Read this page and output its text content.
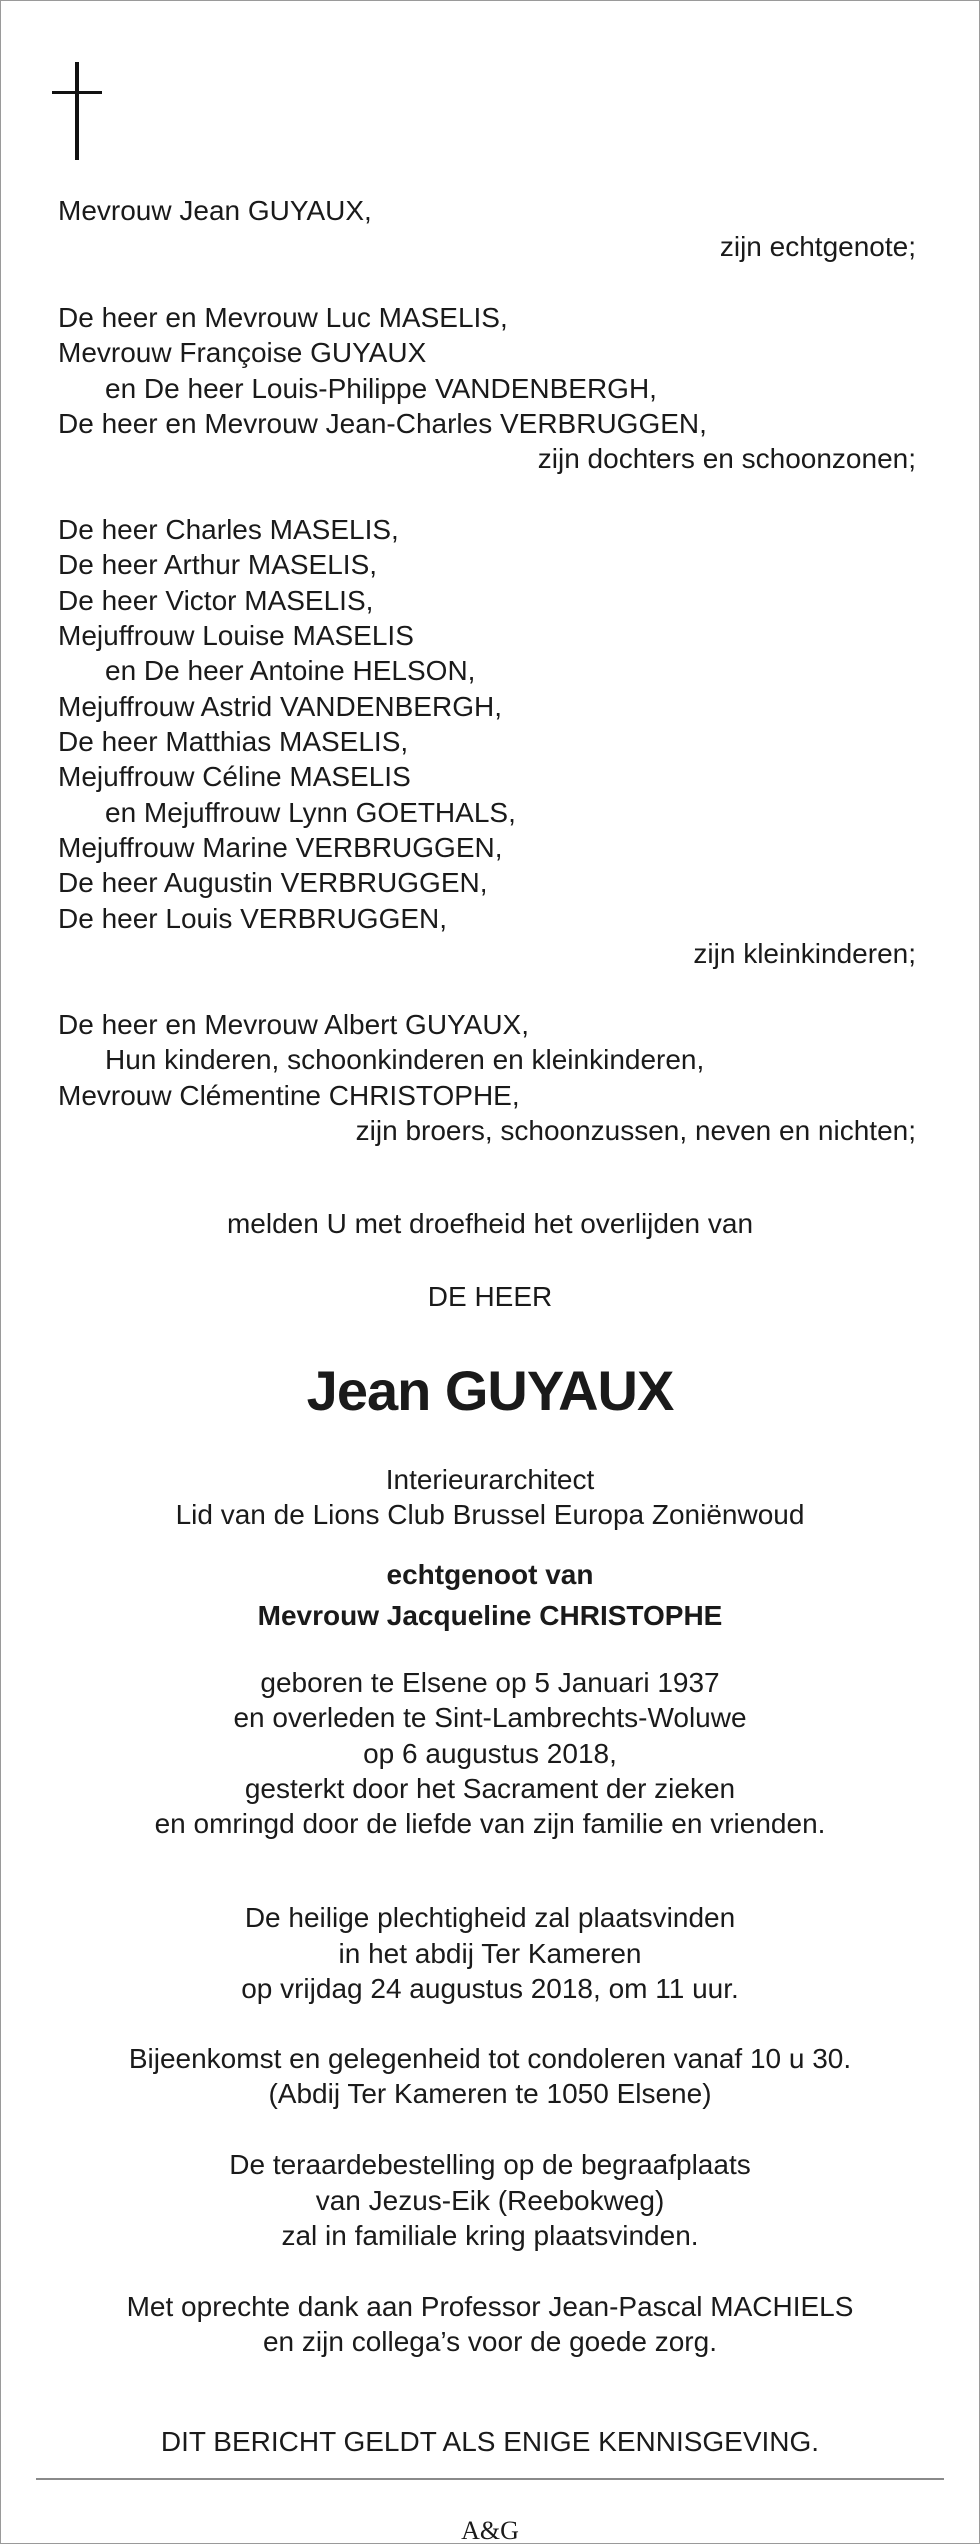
Mevrouw Jean GUYAUX,

zijn echtgenote;

De heer en Mevrouw Luc MASELIS,

Mevrouw Françoise GUYAUX

en De heer Louis-Philippe VANDENBERGH,

De heer en Mevrouw Jean-Charles VERBRUGGEN,

zijn dochters en schoonzonen;

De heer Charles MASELIS,

De heer Arthur MASELIS,

De heer Victor MASELIS,

Mejuffrouw Louise MASELIS

en De heer Antoine HELSON,

Mejuffrouw Astrid VANDENBERGH,

De heer Matthias MASELIS,

Mejuffrouw Céline MASELIS

en Mejuffrouw Lynn GOETHALS,

Mejuffrouw Marine VERBRUGGEN,

De heer Augustin VERBRUGGEN,

De heer Louis VERBRUGGEN,

zijn kleinkinderen;

De heer en Mevrouw Albert GUYAUX,

Hun kinderen, schoonkinderen en kleinkinderen,

Mevrouw Clémentine CHRISTOPHE,

zijn broers, schoonzussen, neven en nichten;

melden U met droefheid het overlijden van

DE HEER

Jean GUYAUX

Interieurarchitect

Lid van de Lions Club Brussel Europa Zoniënwoud

echtgenoot van

Mevrouw Jacqueline CHRISTOPHE

geboren te Elsene op 5 Januari 1937

en overleden te Sint-Lambrechts-Woluwe

op 6 augustus 2018,

gesterkt door het Sacrament der zieken

en omringd door de liefde van zijn familie en vrienden.

De heilige plechtigheid zal plaatsvinden

in het abdij Ter Kameren

op vrijdag 24 augustus 2018, om 11 uur.

Bijeenkomst en gelegenheid tot condoleren vanaf 10 u 30.

(Abdij Ter Kameren te 1050 Elsene)

De teraardebestelling op de begraafplaats

van Jezus-Eik (Reebokweg)

zal in familiale kring plaatsvinden.

Met oprechte dank aan Professor Jean-Pascal MACHIELS

en zijn collega’s voor de goede zorg.

DIT BERICHT GELDT ALS ENIGE KENNISGEVING.

A&G
